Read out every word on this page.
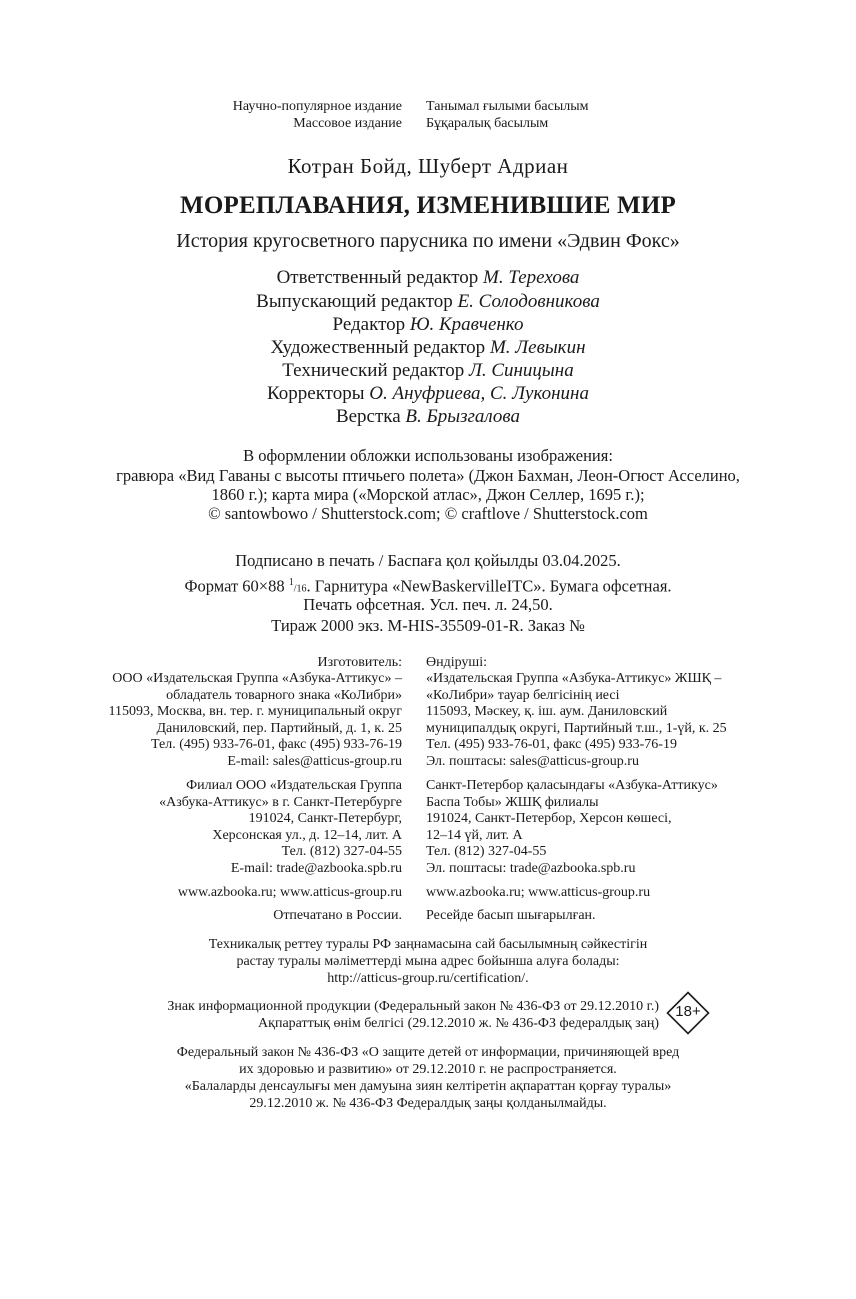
Научно-популярное издание
Массовое издание
Танымал ғылыми басылым
Бұқаралық басылым
Котран Бойд, Шуберт Адриан
МОРЕПЛАВАНИЯ, ИЗМЕНИВШИЕ МИР
История кругосветного парусника по имени «Эдвин Фокс»
Ответственный редактор М. Терехова
Выпускающий редактор Е. Солодовникова
Редактор Ю. Кравченко
Художественный редактор М. Левыкин
Технический редактор Л. Синицына
Корректоры О. Ануфриева, С. Луконина
Верстка В. Брызгалова
В оформлении обложки использованы изображения:
гравюра «Вид Гаваны с высоты птичьего полета» (Джон Бахман, Леон-Огюст Асселино,
1860 г.); карта мира («Морской атлас», Джон Селлер, 1695 г.);
© santowbowo / Shutterstock.com; © craftlove / Shutterstock.com
Подписано в печать / Баспаға қол қойылды 03.04.2025.
Формат 60×88 $^1$/16. Гарнитура «NewBaskervilleITC». Бумага офсетная.
Печать офсетная. Усл. печ. л. 24,50.
Тираж 2000 экз. M-HIS-35509-01-R. Заказ №
Изготовитель:
ООО «Издательская Группа «Азбука-Аттикус» –
обладатель товарного знака «КоЛибри»
115093, Москва, вн. тер. г. муниципальный округ
Даниловский, пер. Партийный, д. 1, к. 25
Тел. (495) 933-76-01, факс (495) 933-76-19
E-mail: sales@atticus-group.ru
Өндіруші:
«Издательская Группа «Азбука-Аттикус» ЖШҚ –
«КоЛибри» тауар белгісінің иесі
115093, Мәскеу, қ. іш. аум. Даниловский
муниципалдық округі, Партийный т.ш., 1-үй, к. 25
Тел. (495) 933-76-01, факс (495) 933-76-19
Эл. поштасы: sales@atticus-group.ru
Филиал ООО «Издательская Группа
«Азбука-Аттикус» в г. Санкт-Петербурге
191024, Санкт-Петербург,
Херсонская ул., д. 12–14, лит. А
Тел. (812) 327-04-55
E-mail: trade@azbooka.spb.ru
Санкт-Петербор қаласындағы «Азбука-Аттикус»
Баспа Тобы» ЖШҚ филиалы
191024, Санкт-Петербор, Херсон көшесі,
12–14 үй, лит. А
Тел. (812) 327-04-55
Эл. поштасы: trade@azbooka.spb.ru
www.azbooka.ru; www.atticus-group.ru www.azbooka.ru; www.atticus-group.ru
Отпечатано в России. Ресейде басып шығарылған.
Техникалық реттеу туралы РФ заңнамасына сай басылымның сәйкестігін
растау туралы мәліметтерді мына адрес бойынша алуға болады:
http://atticus-group.ru/certification/.
Знак информационной продукции (Федеральный закон № 436-ФЗ от 29.12.2010 г.)
Ақпараттық өнім белгісі (29.12.2010 ж. № 436-ФЗ федералдық заң)
18+
Федеральный закон № 436-ФЗ «О защите детей от информации, причиняющей вред
их здоровью и развитию» от 29.12.2010 г. не распространяется.
«Балаларды денсаулығы мен дамуына зиян келтіретін ақпараттан қорғау туралы»
29.12.2010 ж. № 436-ФЗ Федералдық заңы қолданылмайды.
